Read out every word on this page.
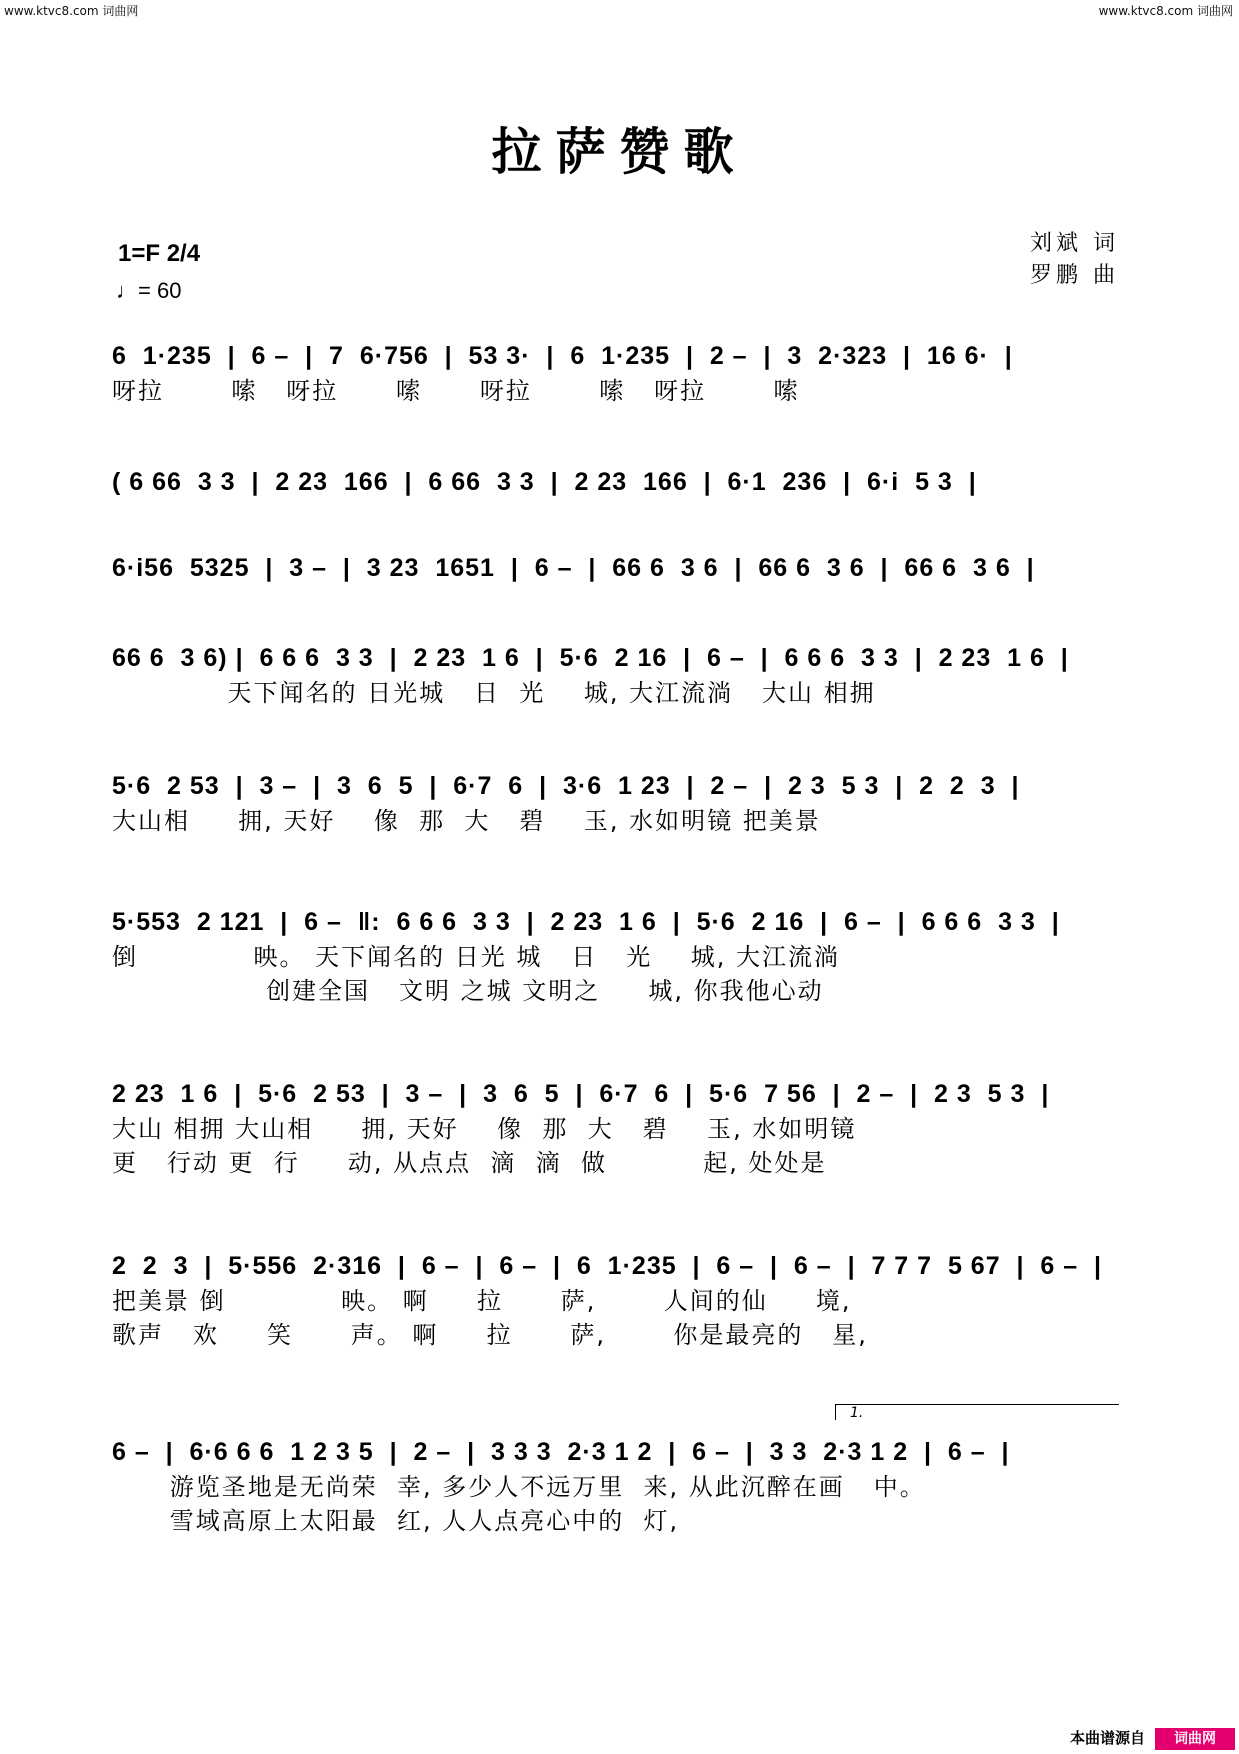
www.ktvc8.com 词曲网	www.ktvc8.com 词曲网
拉萨赞歌
1=F 2/4
♩= 60
刘斌 词
罗鹏 曲
6  1·235  |  6 –  |  7  6·756  |  53 3·  |  6  1·235  |  2 –  |  3  2·323  |  16 6·  |
呀拉       嗦   呀拉      嗦      呀拉       嗦   呀拉       嗦
( 6 66  3 3  |  2 23  166  |  6 66  3 3  |  2 23  166  |  6·1  236  |  6·i  5 3  |
6·i56  5325  |  3 –  |  3 23  1651  |  6 –  |  66 6  3 6  |  66 6  3 6  |  66 6  3 6  |
66 6  3 6) |  6 6 6  3 3  |  2 23  1 6  |  5·6  2 16  |  6 –  |  6 6 6  3 3  |  2 23  1 6  |
天下闻名的 日光城   日  光    城, 大江流淌   大山 相拥
5·6  2 53  |  3 –  |  3  6  5  |  6·7  6  |  3·6  1 23  |  2 –  |  2 3  5 3  |  2  2  3  |
大山相     拥, 天好    像  那  大   碧    玉, 水如明镜 把美景
5·553  2 121  |  6 –  ‖:  6 6 6  3 3  |  2 23  1 6  |  5·6  2 16  |  6 –  |  6 6 6  3 3  |
倒            映。 天下闻名的 日光 城   日   光    城, 大江流淌
创建全国   文明 之城 文明之     城, 你我他心动
2 23  1 6  |  5·6  2 53  |  3 –  |  3  6  5  |  6·7  6  |  5·6  7 56  |  2 –  |  2 3  5 3  |
大山 相拥 大山相     拥, 天好    像  那  大   碧    玉, 水如明镜
更   行动 更  行     动, 从点点  滴  滴  做          起, 处处是
2  2  3  |  5·556  2·316  |  6 –  |  6 –  |  6  1·235  |  6 –  |  6 –  |  7 7 7  5 67  |  6 –  |
把美景 倒            映。 啊     拉      萨,       人间的仙     境,
歌声   欢     笑      声。 啊     拉      萨,       你是最亮的   星,
1.
6 –  |  6·6 6 6  1 2 3 5  |  2 –  |  3 3 3  2·3 1 2  |  6 –  |  3 3  2·3 1 2  |  6 –  |
游览圣地是无尚荣  幸, 多少人不远万里  来, 从此沉醉在画   中。
雪域高原上太阳最  红, 人人点亮心中的  灯,
本曲谱源自	词曲网
